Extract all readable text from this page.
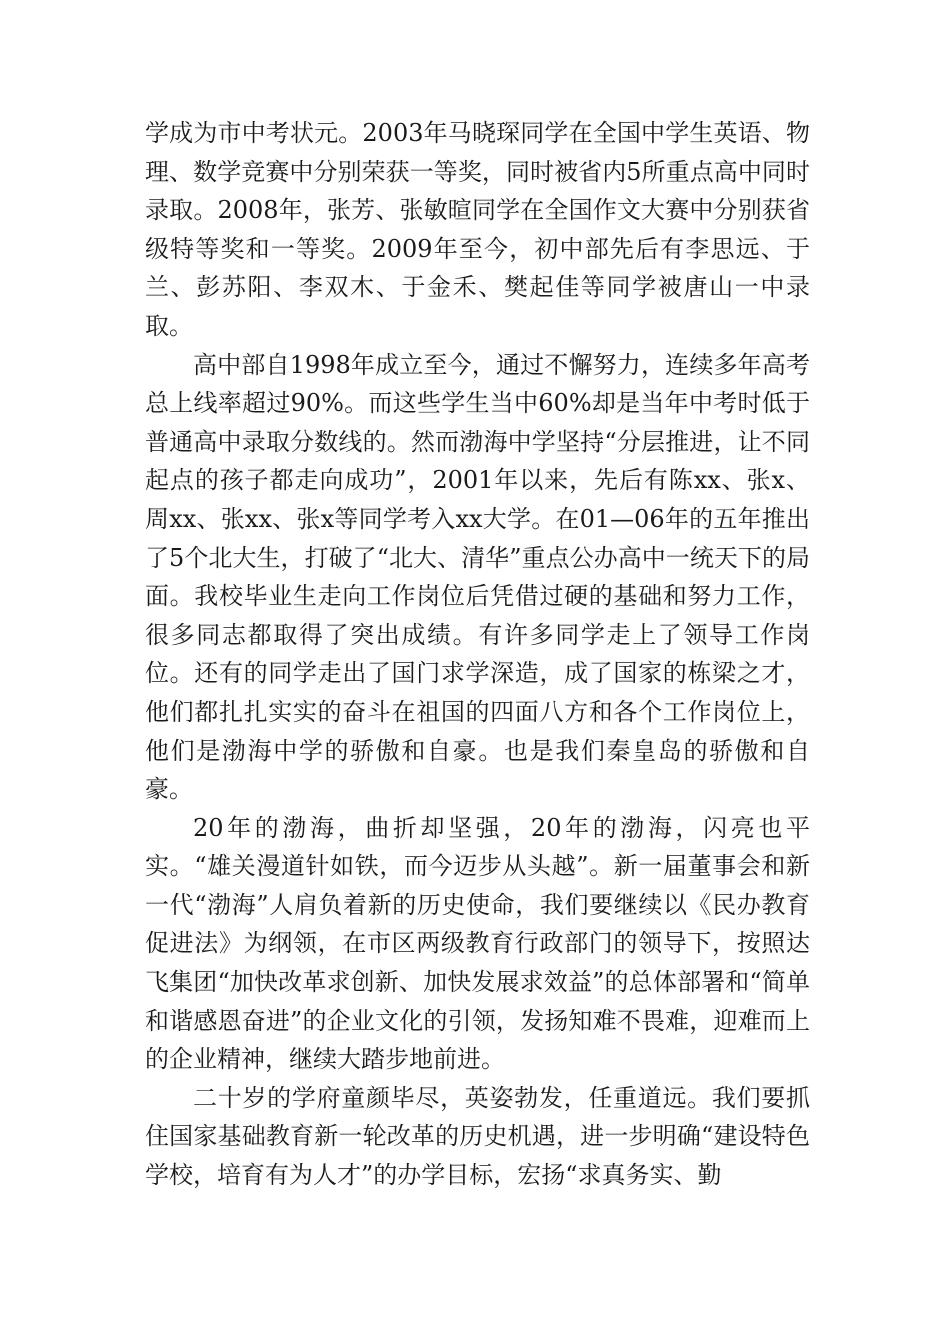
学成为市中考状元。2003年马晓琛同学在全国中学生英语、物理、数学竞赛中分别荣获一等奖，同时被省内5所重点高中同时录取。2008年，张芳、张敏暄同学在全国作文大赛中分别获省级特等奖和一等奖。2009年至今，初中部先后有李思远、于兰、彭苏阳、李双木、于金禾、樊起佳等同学被唐山一中录取。

高中部自1998年成立至今，通过不懈努力，连续多年高考总上线率超过90%。而这些学生当中60%却是当年中考时低于普通高中录取分数线的。然而渤海中学坚持“分层推进，让不同起点的孩子都走向成功”，2001年以来，先后有陈xx、张x、周xx、张xx、张x等同学考入xx大学。在01—06年的五年推出了5个北大生，打破了“北大、清华”重点公办高中一统天下的局面。我校毕业生走向工作岗位后凭借过硬的基础和努力工作，很多同志都取得了突出成绩。有许多同学走上了领导工作岗位。还有的同学走出了国门求学深造，成了国家的栋梁之才，他们都扎扎实实的奋斗在祖国的四面八方和各个工作岗位上，他们是渤海中学的骄傲和自豪。也是我们秦皇岛的骄傲和自豪。

20年的渤海，曲折却坚强，20年的渤海，闪亮也平实。“雄关漫道针如铁，而今迈步从头越”。新一届董事会和新一代“渤海”人肩负着新的历史使命，我们要继续以《民办教育促进法》为纲领，在市区两级教育行政部门的领导下，按照达飞集团“加快改革求创新、加快发展求效益”的总体部署和“简单和谐感恩奋进”的企业文化的引领，发扬知难不畏难，迎难而上的企业精神，继续大踏步地前进。

二十岁的学府童颜毕尽，英姿勃发，任重道远。我们要抓住国家基础教育新一轮改革的历史机遇，进一步明确“建设特色学校，培育有为人才”的办学目标，宏扬“求真务实、勤
